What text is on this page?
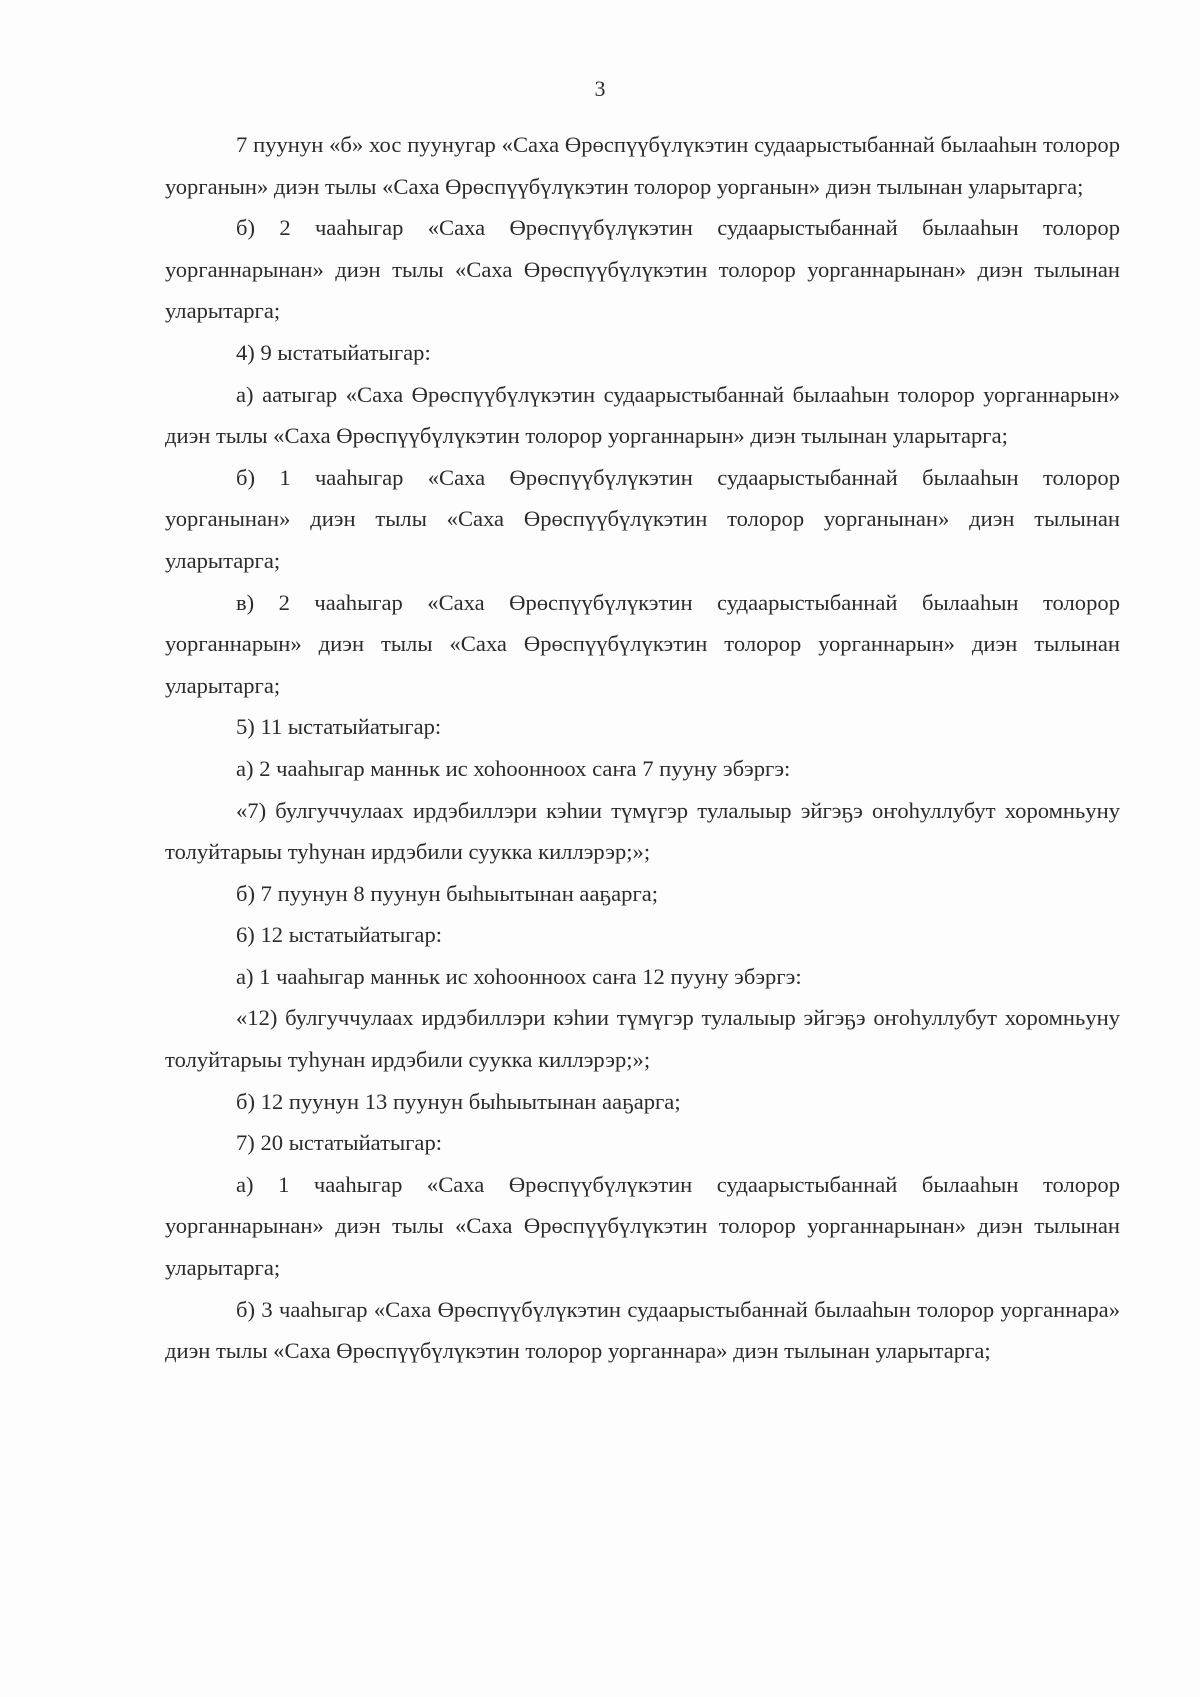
3

7 пуунун «б» хос пуунугар «Саха Өрөспүүбүлүкэтин судаарыстыбаннай былааһын толорор уорганын» диэн тылы «Саха Өрөспүүбүлүкэтин толорор уорганын» диэн тылынан уларытарга;

б) 2 чааһыгар «Саха Өрөспүүбүлүкэтин судаарыстыбаннай былааһын толорор уорганнарынан» диэн тылы «Саха Өрөспүүбүлүкэтин толорор уорганнарынан» диэн тылынан уларытарга;

4) 9 ыстатыйатыгар:

а) аатыгар «Саха Өрөспүүбүлүкэтин судаарыстыбаннай былааһын толорор уорганнарын» диэн тылы «Саха Өрөспүүбүлүкэтин толорор уорганнарын» диэн тылынан уларытарга;

б) 1 чааһыгар «Саха Өрөспүүбүлүкэтин судаарыстыбаннай былааһын толорор уорганынан» диэн тылы «Саха Өрөспүүбүлүкэтин толорор уорганынан» диэн тылынан уларытарга;

в) 2 чааһыгар «Саха Өрөспүүбүлүкэтин судаарыстыбаннай былааһын толорор уорганнарын» диэн тылы «Саха Өрөспүүбүлүкэтин толорор уорганнарын» диэн тылынан уларытарга;

5) 11 ыстатыйатыгар:

а) 2 чааһыгар манньк ис хоһоонноох саҥа 7 пууну эбэргэ:

«7) булгуччулаах ирдэбиллэри кэһии түмүгэр тулалыыр эйгэҕэ оҥоһуллубут хоромньуну толуйтарыы туһунан ирдэбили суукка киллэрэр;»;

б) 7 пуунун 8 пуунун быһыытынан ааҕарга;

6) 12 ыстатыйатыгар:

а) 1 чааһыгар манньк ис хоһоонноох саҥа 12 пууну эбэргэ:

«12) булгуччулаах ирдэбиллэри кэһии түмүгэр тулалыыр эйгэҕэ оҥоһуллубут хоромньуну толуйтарыы туһунан ирдэбили суукка киллэрэр;»;

б) 12 пуунун 13 пуунун быһыытынан ааҕарга;

7) 20 ыстатыйатыгар:

а) 1 чааһыгар «Саха Өрөспүүбүлүкэтин судаарыстыбаннай былааһын толорор уорганнарынан» диэн тылы «Саха Өрөспүүбүлүкэтин толорор уорганнарынан» диэн тылынан уларытарга;

б) 3 чааһыгар «Саха Өрөспүүбүлүкэтин судаарыстыбаннай былааһын толорор уорганнара» диэн тылы «Саха Өрөспүүбүлүкэтин толорор уорганнара» диэн тылынан уларытарга;
